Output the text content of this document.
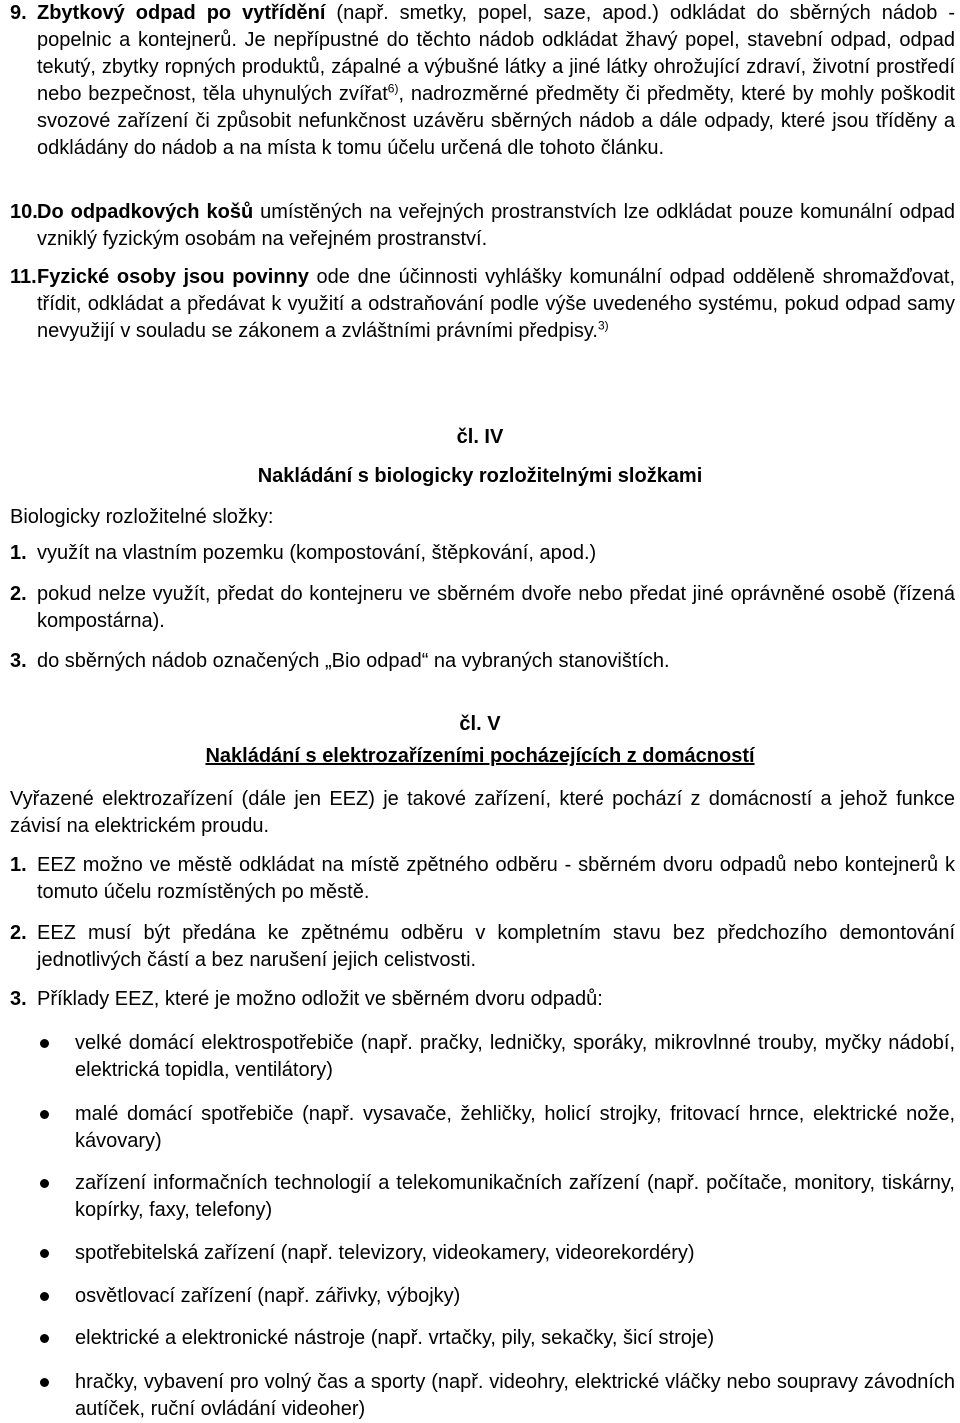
9. Zbytkový odpad po vytřídění (např. smetky, popel, saze, apod.) odkládat do sběrných nádob - popelnic a kontejnerů. Je nepřípustné do těchto nádob odkládat žhavý popel, stavební odpad, odpad tekutý, zbytky ropných produktů, zápalné a výbušné látky a jiné látky ohrožující zdraví, životní prostředí nebo bezpečnost, těla uhynulých zvířat$^{6)}$, nadrozměrné předměty či předměty, které by mohly poškodit svozové zařízení či způsobit nefunkčnost uzávěru sběrných nádob a dále odpady, které jsou tříděny a odkládány do nádob a na místa k tomu účelu určená dle tohoto článku.
10.Do odpadkových košů umístěných na veřejných prostranstvích lze odkládat pouze komunální odpad vzniklý fyzickým osobám na veřejném prostranství.
11.Fyzické osoby jsou povinny ode dne účinnosti vyhlášky komunální odpad odděleně shromažďovat, třídit, odkládat a předávat k využití a odstraňování podle výše uvedeného systému, pokud odpad samy nevyužijí v souladu se zákonem a zvláštními právními předpisy.$^{3)}$
čl. IV
Nakládání s biologicky rozložitelnými složkami
Biologicky rozložitelné složky:
1. využít na vlastním pozemku (kompostování, štěpkování, apod.)
2. pokud nelze využít, předat do kontejneru ve sběrném dvoře nebo předat jiné oprávněné osobě (řízená kompostárna).
3. do sběrných nádob označených „Bio odpad“ na vybraných stanovištích.
čl. V
Nakládání s elektrozařízeními pocházejících z domácností
Vyřazené elektrozařízení (dále jen EEZ) je takové zařízení, které pochází z domácností a jehož funkce závisí na elektrickém proudu.
1. EEZ možno ve městě odkládat na místě zpětného odběru - sběrném dvoru odpadů nebo kontejnerů k tomuto účelu rozmístěných po městě.
2. EEZ musí být předána ke zpětnému odběru v kompletním stavu bez předchozího demontování jednotlivých částí a bez narušení jejich celistvosti.
3. Příklady EEZ, které je možno odložit ve sběrném dvoru odpadů:
velké domácí elektrospotřebiče (např. pračky, ledničky, sporáky, mikrovlnné trouby, myčky nádobí, elektrická topidla, ventilátory)
malé domácí spotřebiče (např. vysavače, žehličky, holicí strojky, fritovací hrnce, elektrické nože, kávovary)
zařízení informačních technologií a telekomunikačních zařízení (např. počítače, monitory, tiskárny, kopírky, faxy, telefony)
spotřebitelská zařízení (např. televizory, videokamery, videorekordéry)
osvětlovací zařízení (např. zářivky, výbojky)
elektrické a elektronické nástroje (např. vrtačky, pily, sekačky, šicí stroje)
hračky, vybavení pro volný čas a sporty (např. videohry, elektrické vláčky nebo soupravy závodních autíček, ruční ovládání videoher)
